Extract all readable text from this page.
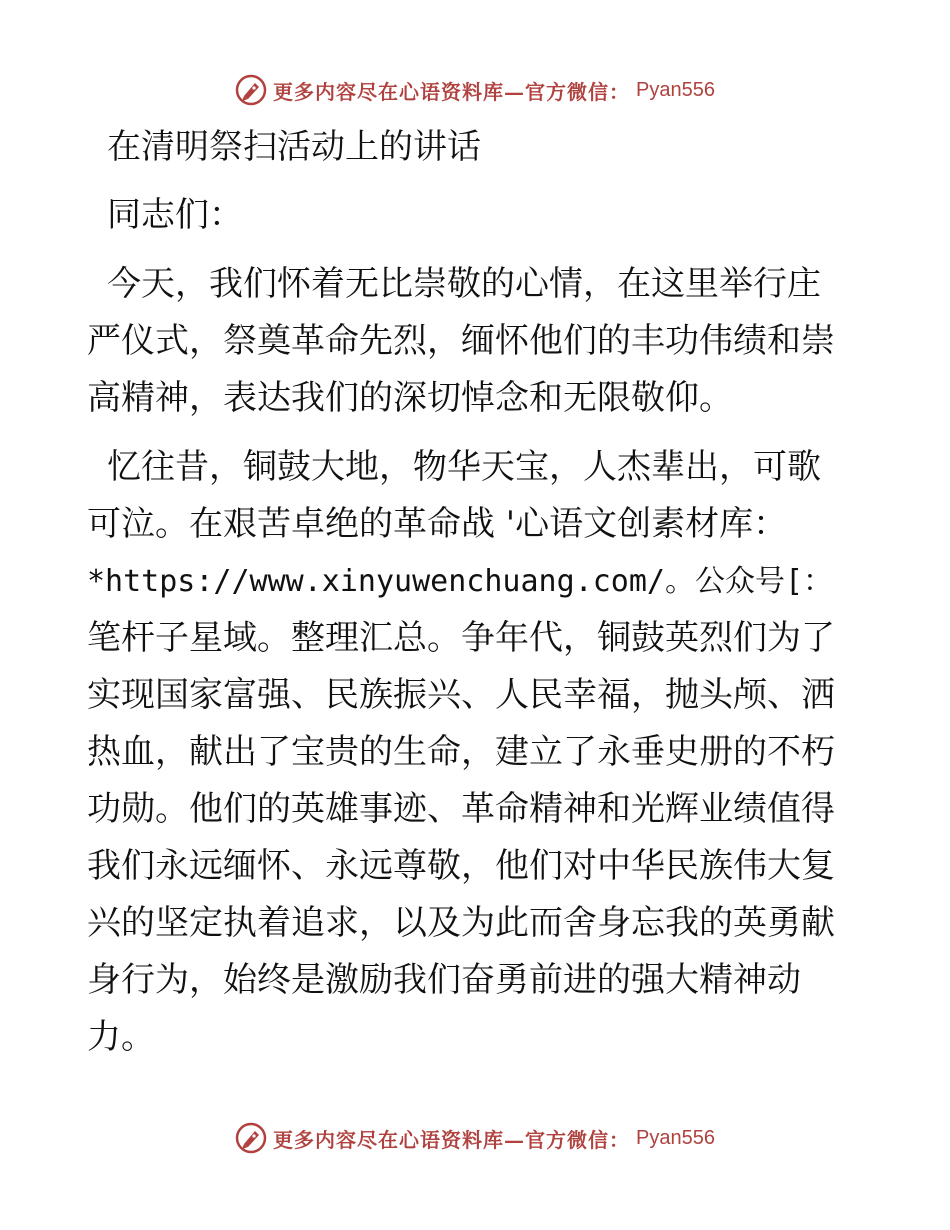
更多内容尽在心语资料库—官方微信： Pyan556
在清明祭扫活动上的讲话
同志们：
今天，我们怀着无比崇敬的心情，在这里举行庄
严仪式，祭奠革命先烈，缅怀他们的丰功伟绩和崇
高精神，表达我们的深切悼念和无限敬仰。
忆往昔，铜鼓大地，物华天宝，人杰辈出，可歌
可泣。在艰苦卓绝的革命战 '心语文创素材库：
*https://www.xinyuwenchuang.com/。公众号[：
笔杆子星域。整理汇总。争年代，铜鼓英烈们为了
实现国家富强、民族振兴、人民幸福，抛头颅、洒
热血，献出了宝贵的生命，建立了永垂史册的不朽
功勋。他们的英雄事迹、革命精神和光辉业绩值得
我们永远缅怀、永远尊敬，他们对中华民族伟大复
兴的坚定执着追求，以及为此而舍身忘我的英勇献
身行为，始终是激励我们奋勇前进的强大精神动
力。
更多内容尽在心语资料库—官方微信： Pyan556
